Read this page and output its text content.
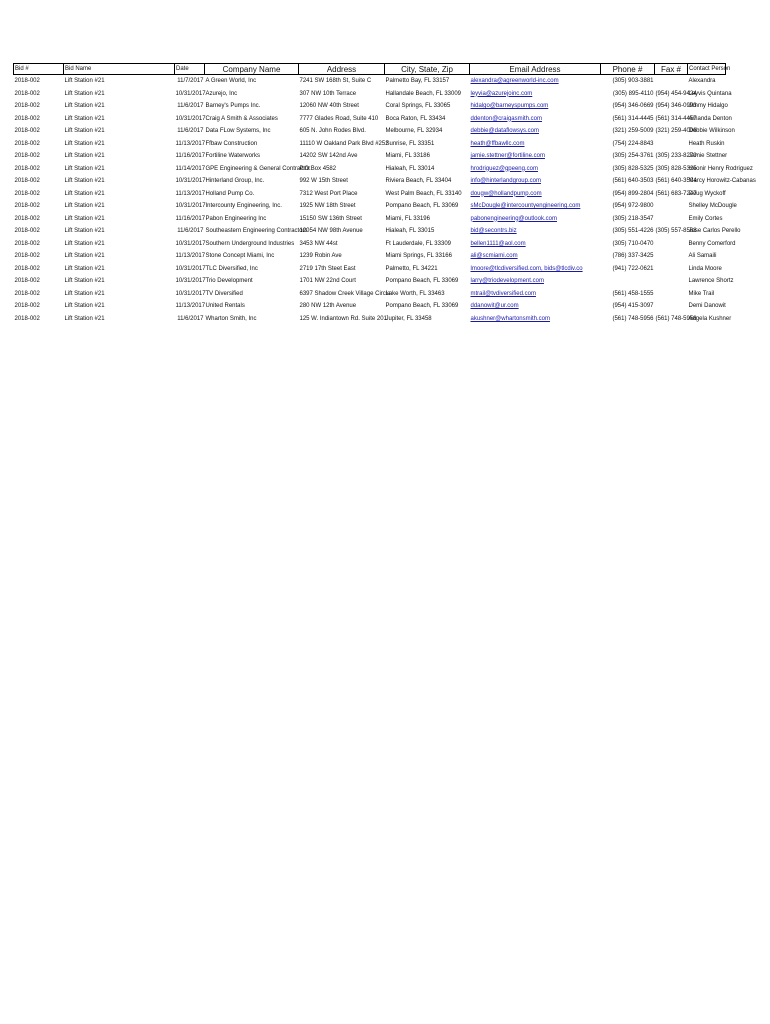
Bid #	Bid Name	Date	Company Name	Address	City, State, Zip	Email Address	Phone #	Fax #	Contact Person
2018-002	Lift Station #21	11/7/2017	A Green World, Inc	7241 SW 168th St, Suite C	Palmetto Bay, FL 33157	alexandra@agreenworld-inc.com	(305) 903-3881		Alexandra
2018-002	Lift Station #21	10/31/2017	Azurejo, Inc	307 NW 10th Terrace	Hallandale Beach, FL 33009	leyvia@azurejoinc.com	(305) 895-4110	(954) 454-9424	Leyvis Quintana
2018-002	Lift Station #21	11/6/2017	Barney's Pumps Inc.	12060 NW 40th Street	Coral Springs, FL 33065	hidalgo@barneyspumps.com	(954) 346-0669	(954) 346-0993	Jimmy Hidalgo
2018-002	Lift Station #21	10/31/2017	Craig A Smith & Associates	7777 Glades Road, Suite 410	Boca Raton, FL 33434	ddenton@craigasmith.com	(561) 314-4445	(561) 314-4457	Amanda Denton
2018-002	Lift Station #21	11/6/2017	Data FLow Systems, Inc	605 N. John Rodes Blvd.	Melbourne, FL 32934	debbie@dataflowsys.com	(321) 259-5009	(321) 259-4006	Debbie Wilkinson
2018-002	Lift Station #21	11/13/2017	Ffbaw Construction	11110 W Oakland Park Blvd #252	Sunrise, FL 33351	heath@ffbawllc.com	(754) 224-8843		Heath Ruskin
2018-002	Lift Station #21	11/16/2017	Fortiline Waterworks	14202 SW 142nd Ave	Miami, FL 33186	jamie.stettner@fortiline.com	(305) 254-3761	(305) 233-8270	Jamie Stettner
2018-002	Lift Station #21	11/14/2017	GPE Engineering & General Contractor	P.O.Box 4582	Hialeah, FL 33014	hrodriguez@gpeeng.com	(305) 828-5325	(305) 828-5325	Heonir Henry Rodriguez
2018-002	Lift Station #21	10/31/2017	Hinterland Group, Inc.	992 W 15th Street	Riviera Beach, FL 33404	info@hinterlandgroup.com	(561) 640-3503	(561) 640-3504	Marcy Horowitz-Cabanas
2018-002	Lift Station #21	11/13/2017	Holland Pump Co.	7312 West Port Place	West Palm Beach, FL 33140	dougw@hollandpump.com	(954) 899-2804	(561) 683-7247	Doug Wyckoff
2018-002	Lift Station #21	10/31/2017	Intercounty Engineering, Inc.	1925 NW 18th Street	Pompano Beach, FL 33069	sMcDougle@intercountyengineering.com	(954) 972-9800		Shelley McDougle
2018-002	Lift Station #21	11/16/2017	Pabon Engineering Inc	15150 SW 136th Street	Miami, FL 33196	pabonengineering@outlook.com	(305) 218-3547		Emily Cortes
2018-002	Lift Station #21	11/6/2017	Southeastern Engineering Contractors	12054 NW 98th Avenue	Hialeah, FL 33015	bid@secontrs.biz	(305) 551-4226	(305) 557-8568	Jose Carlos Perello
2018-002	Lift Station #21	10/31/2017	Southern Underground Industries	3453 NW 44st	Ft Lauderdale, FL 33309	bellen1111@aol.com	(305) 710-0470		Benny Comerford
2018-002	Lift Station #21	11/13/2017	Stone Concept Miami, Inc	1239 Robin Ave	Miami Springs, FL 33166	ali@scmiami.com	(786) 337-3425		Ali Samaili
2018-002	Lift Station #21	10/31/2017	TLC Diversified, Inc	2719 17th Steet East	Palmetto, FL 34221	lmoore@tlcdiversified.com, bids@tlcdiv.co	(941) 722-0621		Linda Moore
2018-002	Lift Station #21	10/31/2017	Trio Development	1701 NW 22nd Court	Pompano Beach, FL 33069	larry@triodevelopment.com			Lawrence Shortz
2018-002	Lift Station #21	10/31/2017	TV Diversified	6397 Shadow Creek Village Circle	Lake Worth, FL 33463	mtrail@tvdiversified.com	(561) 458-1555		Mike Trail
2018-002	Lift Station #21	11/13/2017	United Rentals	280 NW 12th Avenue	Pompano Beach, FL 33069	ddanowit@ur.com	(954) 415-3097		Demi Danowit
2018-002	Lift Station #21	11/6/2017	Wharton Smith, Inc	125 W. Indiantown Rd. Suite 201	Jupiter, FL 33458	akushner@whartonsmith.com	(561) 748-5956	(561) 748-5958	Angela Kushner
